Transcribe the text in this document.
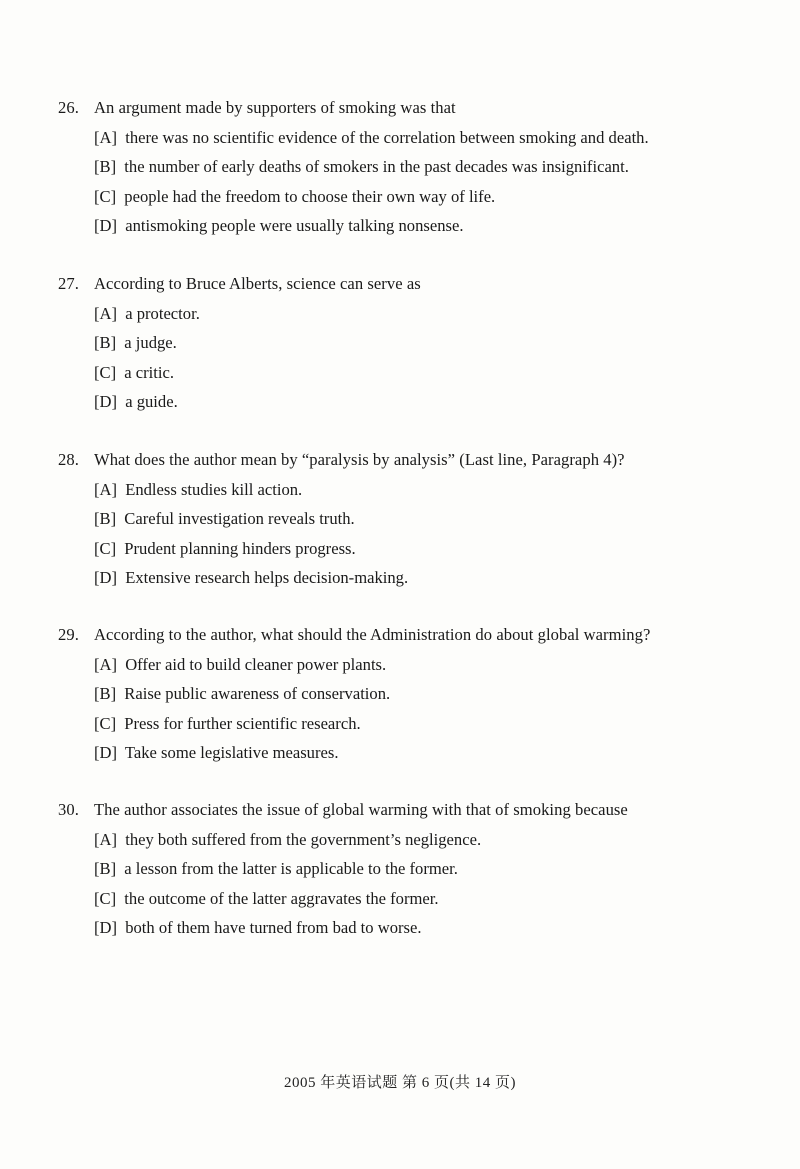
26. An argument made by supporters of smoking was that
[A] there was no scientific evidence of the correlation between smoking and death.
[B] the number of early deaths of smokers in the past decades was insignificant.
[C] people had the freedom to choose their own way of life.
[D] antismoking people were usually talking nonsense.
27. According to Bruce Alberts, science can serve as
[A] a protector.
[B] a judge.
[C] a critic.
[D] a guide.
28. What does the author mean by “paralysis by analysis” (Last line, Paragraph 4)?
[A] Endless studies kill action.
[B] Careful investigation reveals truth.
[C] Prudent planning hinders progress.
[D] Extensive research helps decision-making.
29. According to the author, what should the Administration do about global warming?
[A] Offer aid to build cleaner power plants.
[B] Raise public awareness of conservation.
[C] Press for further scientific research.
[D] Take some legislative measures.
30. The author associates the issue of global warming with that of smoking because
[A] they both suffered from the government’s negligence.
[B] a lesson from the latter is applicable to the former.
[C] the outcome of the latter aggravates the former.
[D] both of them have turned from bad to worse.
2005 年英语试题 第 6 页(共 14 页)
